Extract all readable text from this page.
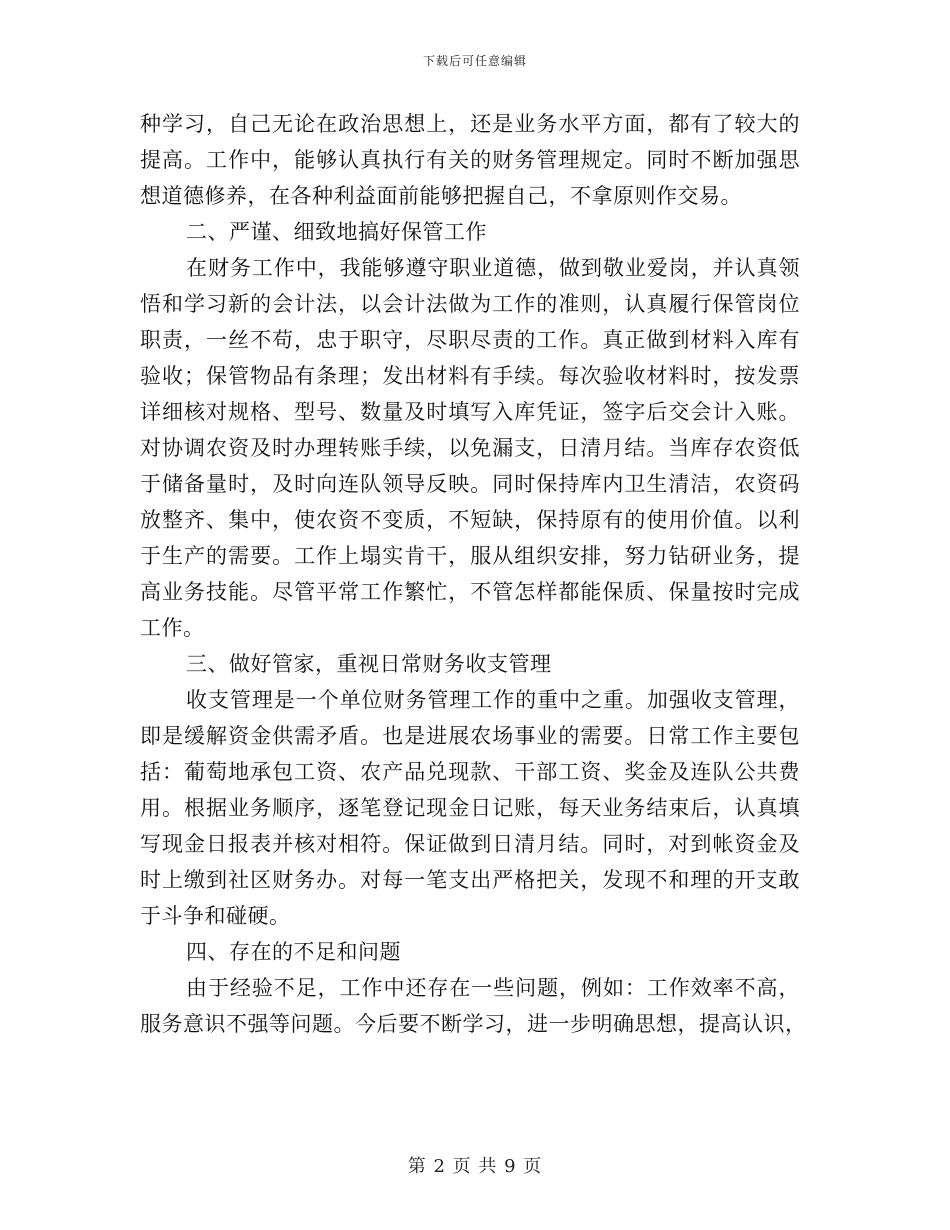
下载后可任意编辑
种学习，自己无论在政治思想上，还是业务水平方面，都有了较大的
提高。工作中，能够认真执行有关的财务管理规定。同时不断加强思
想道德修养，在各种利益面前能够把握自己，不拿原则作交易。
二、严谨、细致地搞好保管工作
在财务工作中，我能够遵守职业道德，做到敬业爱岗，并认真领
悟和学习新的会计法，以会计法做为工作的准则，认真履行保管岗位
职责，一丝不苟，忠于职守，尽职尽责的工作。真正做到材料入库有
验收；保管物品有条理；发出材料有手续。每次验收材料时，按发票
详细核对规格、型号、数量及时填写入库凭证，签字后交会计入账。
对协调农资及时办理转账手续，以免漏支，日清月结。当库存农资低
于储备量时，及时向连队领导反映。同时保持库内卫生清洁，农资码
放整齐、集中，使农资不变质，不短缺，保持原有的使用价值。以利
于生产的需要。工作上塌实肯干，服从组织安排，努力钻研业务，提
高业务技能。尽管平常工作繁忙，不管怎样都能保质、保量按时完成
工作。
三、做好管家，重视日常财务收支管理
收支管理是一个单位财务管理工作的重中之重。加强收支管理，
即是缓解资金供需矛盾。也是进展农场事业的需要。日常工作主要包
括：葡萄地承包工资、农产品兑现款、干部工资、奖金及连队公共费
用。根据业务顺序，逐笔登记现金日记账，每天业务结束后，认真填
写现金日报表并核对相符。保证做到日清月结。同时，对到帐资金及
时上缴到社区财务办。对每一笔支出严格把关，发现不和理的开支敢
于斗争和碰硬。
四、存在的不足和问题
由于经验不足，工作中还存在一些问题，例如：工作效率不高，
服务意识不强等问题。今后要不断学习，进一步明确思想，提高认识，
第 2 页 共 9 页
